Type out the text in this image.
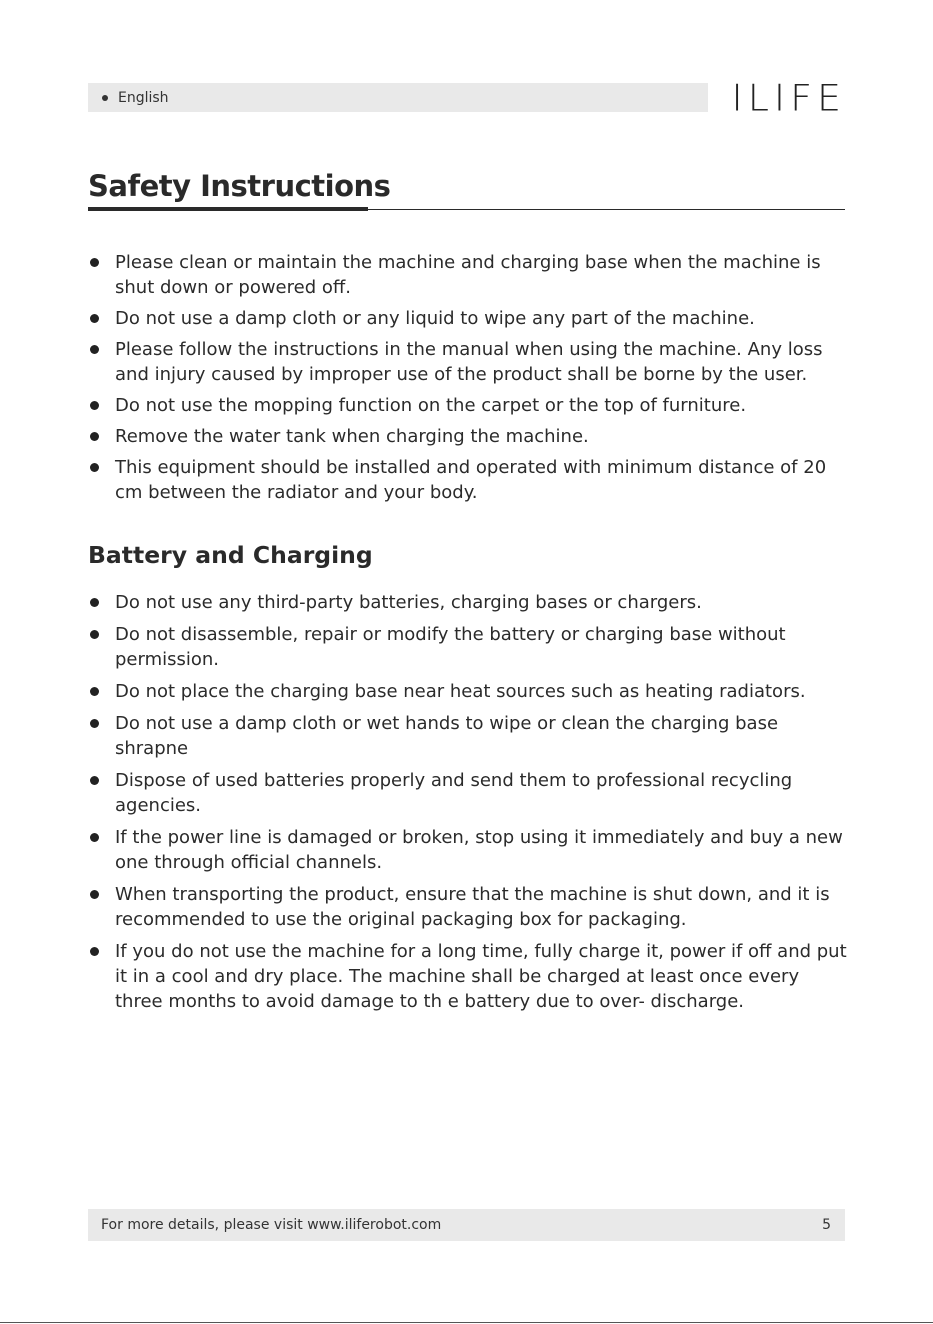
English	ILIFE
Safety Instructions
Please clean or maintain the machine and charging base when the machine is shut down or powered off.
Do not use a damp cloth or any liquid to wipe any part of the machine.
Please follow the instructions in the manual when using the machine. Any loss and injury caused by improper use of the product shall be borne by the user.
Do not use the mopping function on the carpet or the top of furniture.
Remove the water tank when charging the machine.
This equipment should be installed and operated with minimum distance of 20 cm between the radiator and your body.
Battery and Charging
Do not use any third-party batteries, charging bases or chargers.
Do not disassemble, repair or modify the battery or charging base without permission.
Do not place the charging base near heat sources such as heating radiators.
Do not use a damp cloth or wet hands to wipe or clean the charging base shrapne
Dispose of used batteries properly and send them to professional recycling agencies.
If the power line is damaged or broken, stop using it immediately and buy a new one through official channels.
When transporting the product, ensure that the machine is shut down, and it is recommended to use the original packaging box for packaging.
If you do not use the machine for a long time, fully charge it, power if off and put it in a cool and dry place. The machine shall be charged at least once every three months to avoid damage to th e battery due to over- discharge.
For more details, please visit www.iliferobot.com	5
